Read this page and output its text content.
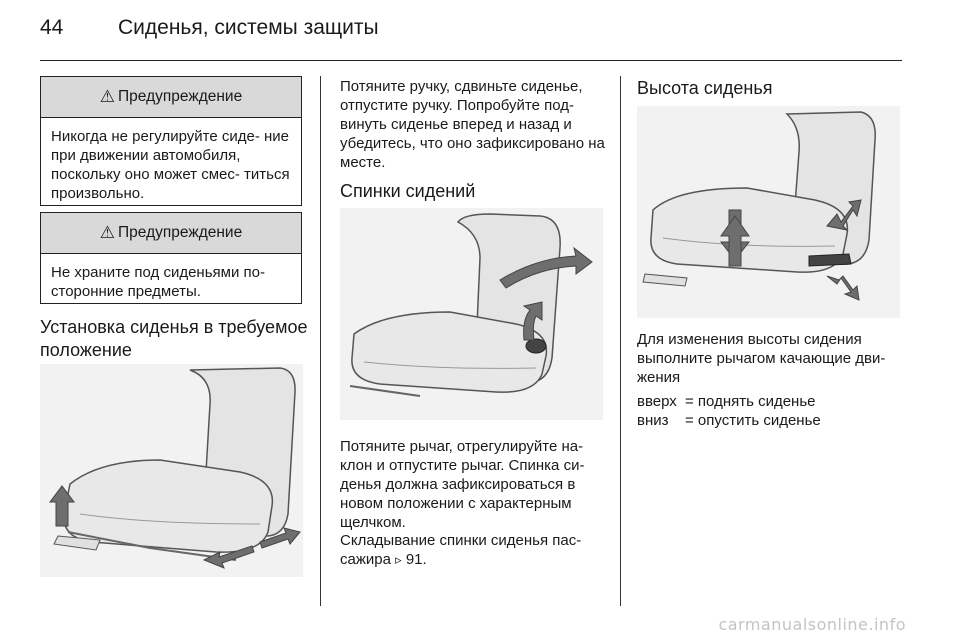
44	Сиденья, системы защиты
⚠ Предупреждение
Никогда не регулируйте сиде- ние при движении автомобиля, поскольку оно может смес- титься произвольно.
⚠ Предупреждение
Не храните под сиденьями по- сторонние предметы.
Установка сиденья в требуемое положение
Потяните ручку, сдвиньте сиденье, отпустите ручку. Попробуйте под- винуть сиденье вперед и назад и убедитесь, что оно зафиксировано на месте.
Спинки сидений
Потяните рычаг, отрегулируйте на- клон и отпустите рычаг. Спинка си- денья должна зафиксироваться в новом положении с характерным щелчком.
Складывание спинки сиденья пас- сажира ▹ 91.
Высота сиденья
Для изменения высоты сидения выполните рычагом качающие дви- жения
вверх = поднять сиденье
вниз = опустить сиденье
carmanualsonline.info
